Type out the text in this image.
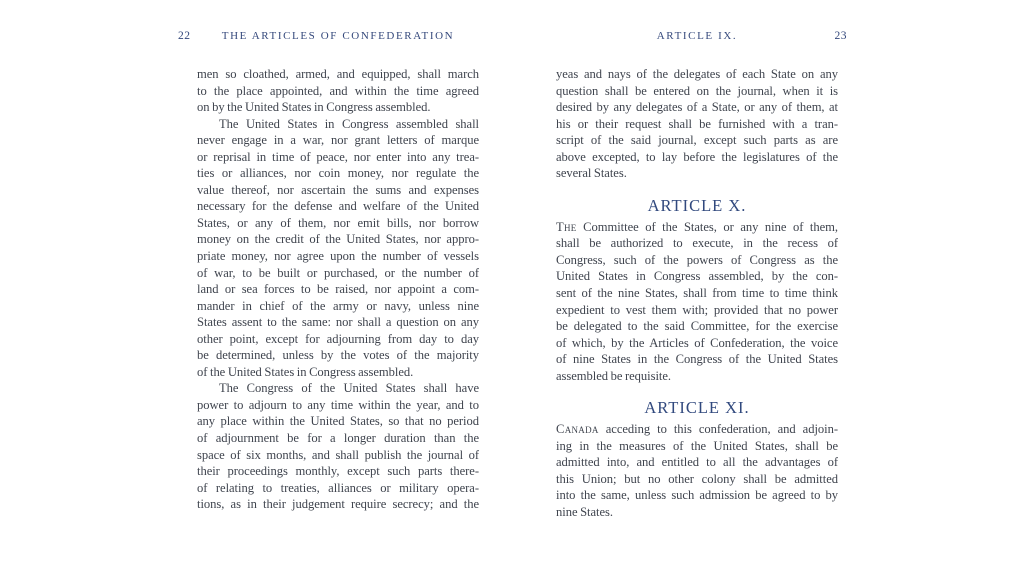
22	THE ARTICLES OF CONFEDERATION	ARTICLE IX.	23
men so cloathed, armed, and equipped, shall march
to the place appointed, and within the time agreed
on by the United States in Congress assembled.
The United States in Congress assembled shall
never engage in a war, nor grant letters of marque
or reprisal in time of peace, nor enter into any trea-
ties or alliances, nor coin money, nor regulate the
value thereof, nor ascertain the sums and expenses
necessary for the defense and welfare of the United
States, or any of them, nor emit bills, nor borrow
money on the credit of the United States, nor appro-
priate money, nor agree upon the number of vessels
of war, to be built or purchased, or the number of
land or sea forces to be raised, nor appoint a com-
mander in chief of the army or navy, unless nine
States assent to the same: nor shall a question on any
other point, except for adjourning from day to day
be determined, unless by the votes of the majority
of the United States in Congress assembled.
The Congress of the United States shall have
power to adjourn to any time within the year, and to
any place within the United States, so that no period
of adjournment be for a longer duration than the
space of six months, and shall publish the journal of
their proceedings monthly, except such parts there-
of relating to treaties, alliances or military opera-
tions, as in their judgement require secrecy; and the
yeas and nays of the delegates of each State on any
question shall be entered on the journal, when it is
desired by any delegates of a State, or any of them, at
his or their request shall be furnished with a tran-
script of the said journal, except such parts as are
above excepted, to lay before the legislatures of the
several States.
ARTICLE X.
The Committee of the States, or any nine of them,
shall be authorized to execute, in the recess of
Congress, such of the powers of Congress as the
United States in Congress assembled, by the con-
sent of the nine States, shall from time to time think
expedient to vest them with; provided that no power
be delegated to the said Committee, for the exercise
of which, by the Articles of Confederation, the voice
of nine States in the Congress of the United States
assembled be requisite.
ARTICLE XI.
Canada acceding to this confederation, and adjoin-
ing in the measures of the United States, shall be
admitted into, and entitled to all the advantages of
this Union; but no other colony shall be admitted
into the same, unless such admission be agreed to by
nine States.
